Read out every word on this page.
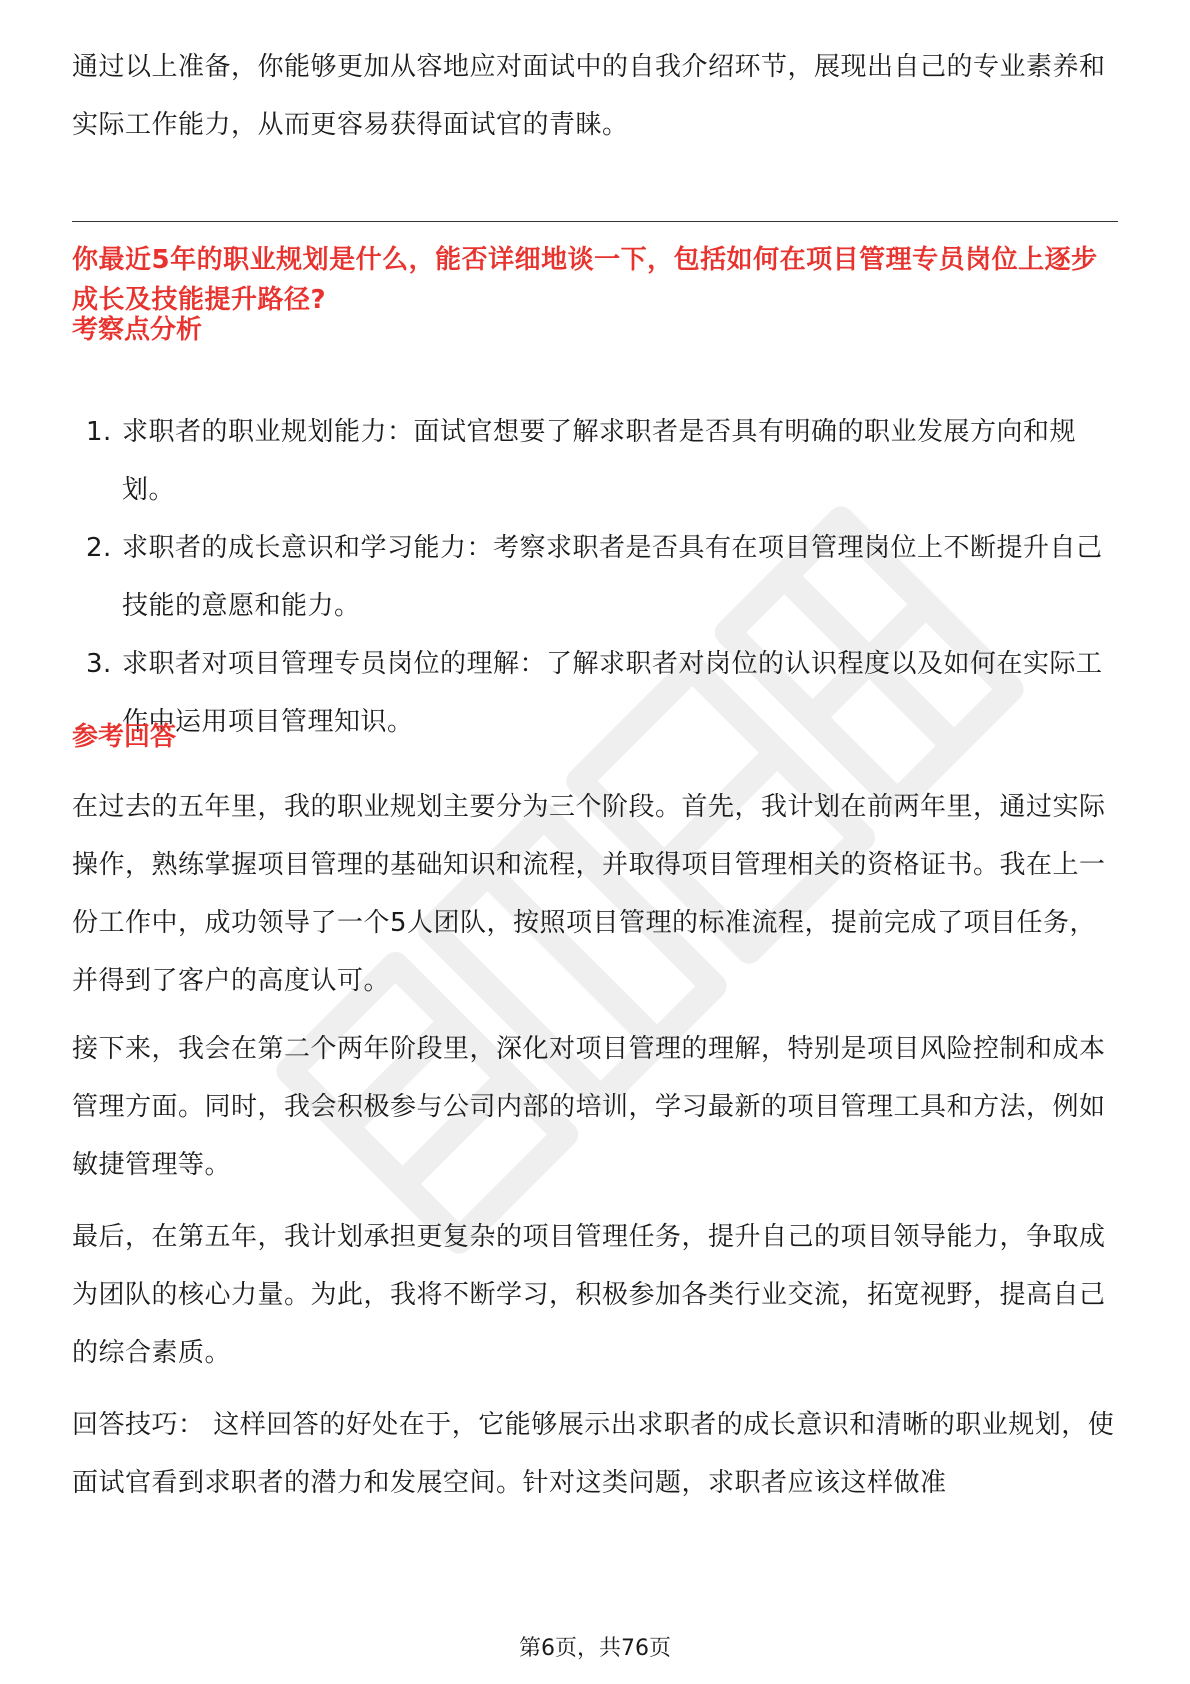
通过以上准备，你能够更加从容地应对面试中的自我介绍环节，展现出自己的专业素养和实际工作能力，从而更容易获得面试官的青睐。

你最近5年的职业规划是什么，能否详细地谈一下，包括如何在项目管理专员岗位上逐步成长及技能提升路径?

考察点分析

1. 求职者的职业规划能力：面试官想要了解求职者是否具有明确的职业发展方向和规划。
2. 求职者的成长意识和学习能力：考察求职者是否具有在项目管理岗位上不断提升自己技能的意愿和能力。
3. 求职者对项目管理专员岗位的理解：了解求职者对岗位的认识程度以及如何在实际工作中运用项目管理知识。

参考回答

在过去的五年里，我的职业规划主要分为三个阶段。首先，我计划在前两年里，通过实际操作，熟练掌握项目管理的基础知识和流程，并取得项目管理相关的资格证书。我在上一份工作中，成功领导了一个5人团队，按照项目管理的标准流程，提前完成了项目任务，并得到了客户的高度认可。

接下来，我会在第二个两年阶段里，深化对项目管理的理解，特别是项目风险控制和成本管理方面。同时，我会积极参与公司内部的培训，学习最新的项目管理工具和方法，例如敏捷管理等。

最后，在第五年，我计划承担更复杂的项目管理任务，提升自己的项目领导能力，争取成为团队的核心力量。为此，我将不断学习，积极参加各类行业交流，拓宽视野，提高自己的综合素质。

回答技巧： 这样回答的好处在于，它能够展示出求职者的成长意识和清晰的职业规划，使面试官看到求职者的潜力和发展空间。针对这类问题，求职者应该这样做准

第6页，共76页
